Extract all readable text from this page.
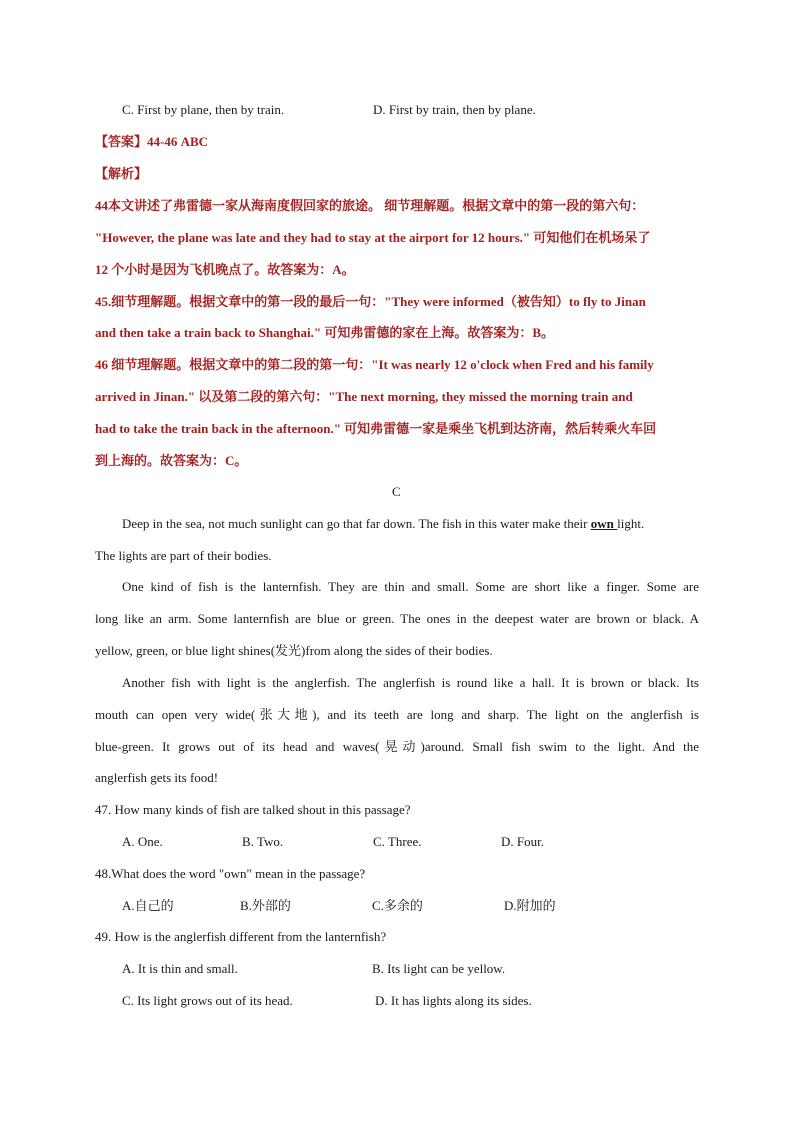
C. First by plane, then by train.	D. First by train, then by plane.
【答案】44-46 ABC
【解析】
44本文讲述了弗雷德一家从海南度假回家的旅途。 细节理解题。根据文章中的第一段的第六句：
"However, the plane was late and they had to stay at the airport for 12 hours." 可知他们在机场呆了
12 个小时是因为飞机晚点了。故答案为：A。
45.细节理解题。根据文章中的第一段的最后一句："They were informed（被告知）to fly to Jinan
and then take a train back to Shanghai." 可知弗雷德的家在上海。故答案为：B。
46 细节理解题。根据文章中的第二段的第一句："It was nearly 12 o'clock when Fred and his family
arrived in Jinan." 以及第二段的第六句："The next morning, they missed the morning train and
had to take the train back in the afternoon." 可知弗雷德一家是乘坐飞机到达济南，然后转乘火车回
到上海的。故答案为：C。
C
Deep in the sea, not much sunlight can go that far down. The fish in this water make their own light.
The lights are part of their bodies.
One kind of fish is the lanternfish. They are thin and small. Some are short like a finger. Some are
long like an arm. Some lanternfish are blue or green. The ones in the deepest water are brown or black. A
yellow, green, or blue light shines(发光)from along the sides of their bodies.
Another fish with light is the anglerfish. The anglerfish is round like a hall. It is brown or black. Its
mouth can open very wide(张大地), and its teeth are long and sharp. The light on the anglerfish is
blue-green. It grows out of its head and waves(晃动)around. Small fish swim to the light. And the
anglerfish gets its food!
47. How many kinds of fish are talked shout in this passage?
A. One.	B. Two.	C. Three.	D. Four.
48.What does the word "own" mean in the passage?
A.自己的	B.外部的	C.多余的	D.附加的
49. How is the anglerfish different from the lanternfish?
A. It is thin and small.	B. Its light can be yellow.
C. Its light grows out of its head.	D. It has lights along its sides.
